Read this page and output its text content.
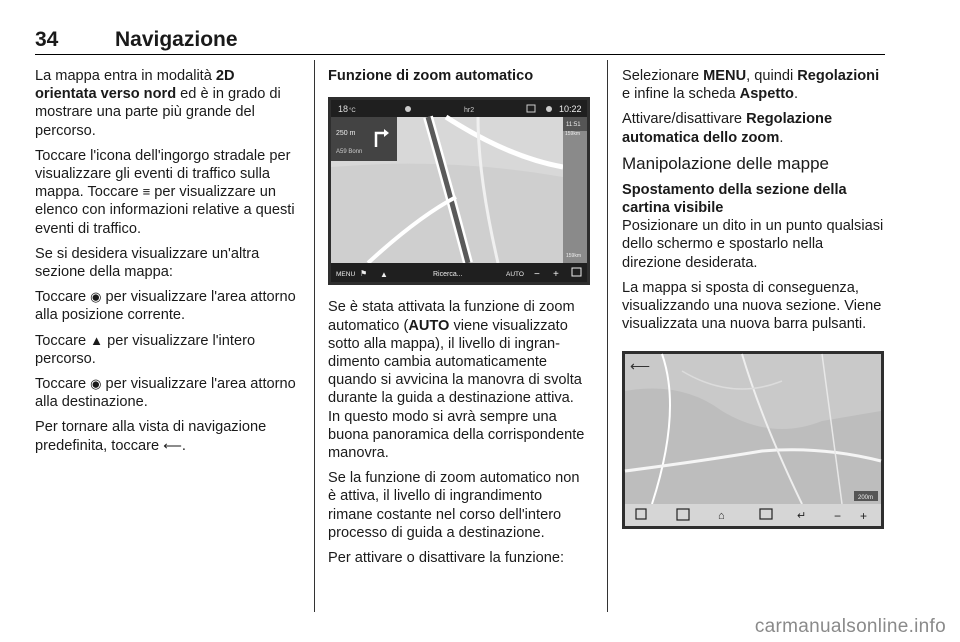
34	Navigazione

La mappa entra in modalità 2D orientata verso nord ed è in grado di mostrare una parte più grande del percorso.

Toccare l'icona dell'ingorgo stradale per visualizzare gli eventi di traffico sulla mappa. Toccare ≡ per visualizzare un elenco con informazioni relative a questi eventi di traffico.

Se si desidera visualizzare un'altra sezione della mappa:

Toccare ◉ per visualizzare l'area attorno alla posizione corrente.

Toccare ▲ per visualizzare l'intero percorso.

Toccare ◉ per visualizzare l'area attorno alla destinazione.

Per tornare alla vista di navigazione predefinita, toccare ⟵.

Funzione di zoom automatico

18 °C	hr2	10:22
250 m
A59 Bonn
11:51
159km
159km
MENU ⚑ ▲	Ricerca...	AUTO − +

Se è stata attivata la funzione di zoom automatico (AUTO viene visualizzato sotto alla mappa), il livello di ingrandimento cambia automaticamente quando si avvicina la manovra di svolta durante la guida a destinazione attiva. In questo modo si avrà sempre una buona panoramica della corrispondente manovra.

Se la funzione di zoom automatico non è attiva, il livello di ingrandimento rimane costante nel corso dell'intero processo di guida a destinazione.

Per attivare o disattivare la funzione:

Selezionare MENU, quindi Regolazioni e infine la scheda Aspetto.

Attivare/disattivare Regolazione automatica dello zoom.

Manipolazione delle mappe

Spostamento della sezione della cartina visibile

Posizionare un dito in un punto qualsiasi dello schermo e spostarlo nella direzione desiderata.

La mappa si sposta di conseguenza, visualizzando una nuova sezione. Viene visualizzata una nuova barra pulsanti.

⟵
200m
⌂	↵ − +
carmanualsonline.info
